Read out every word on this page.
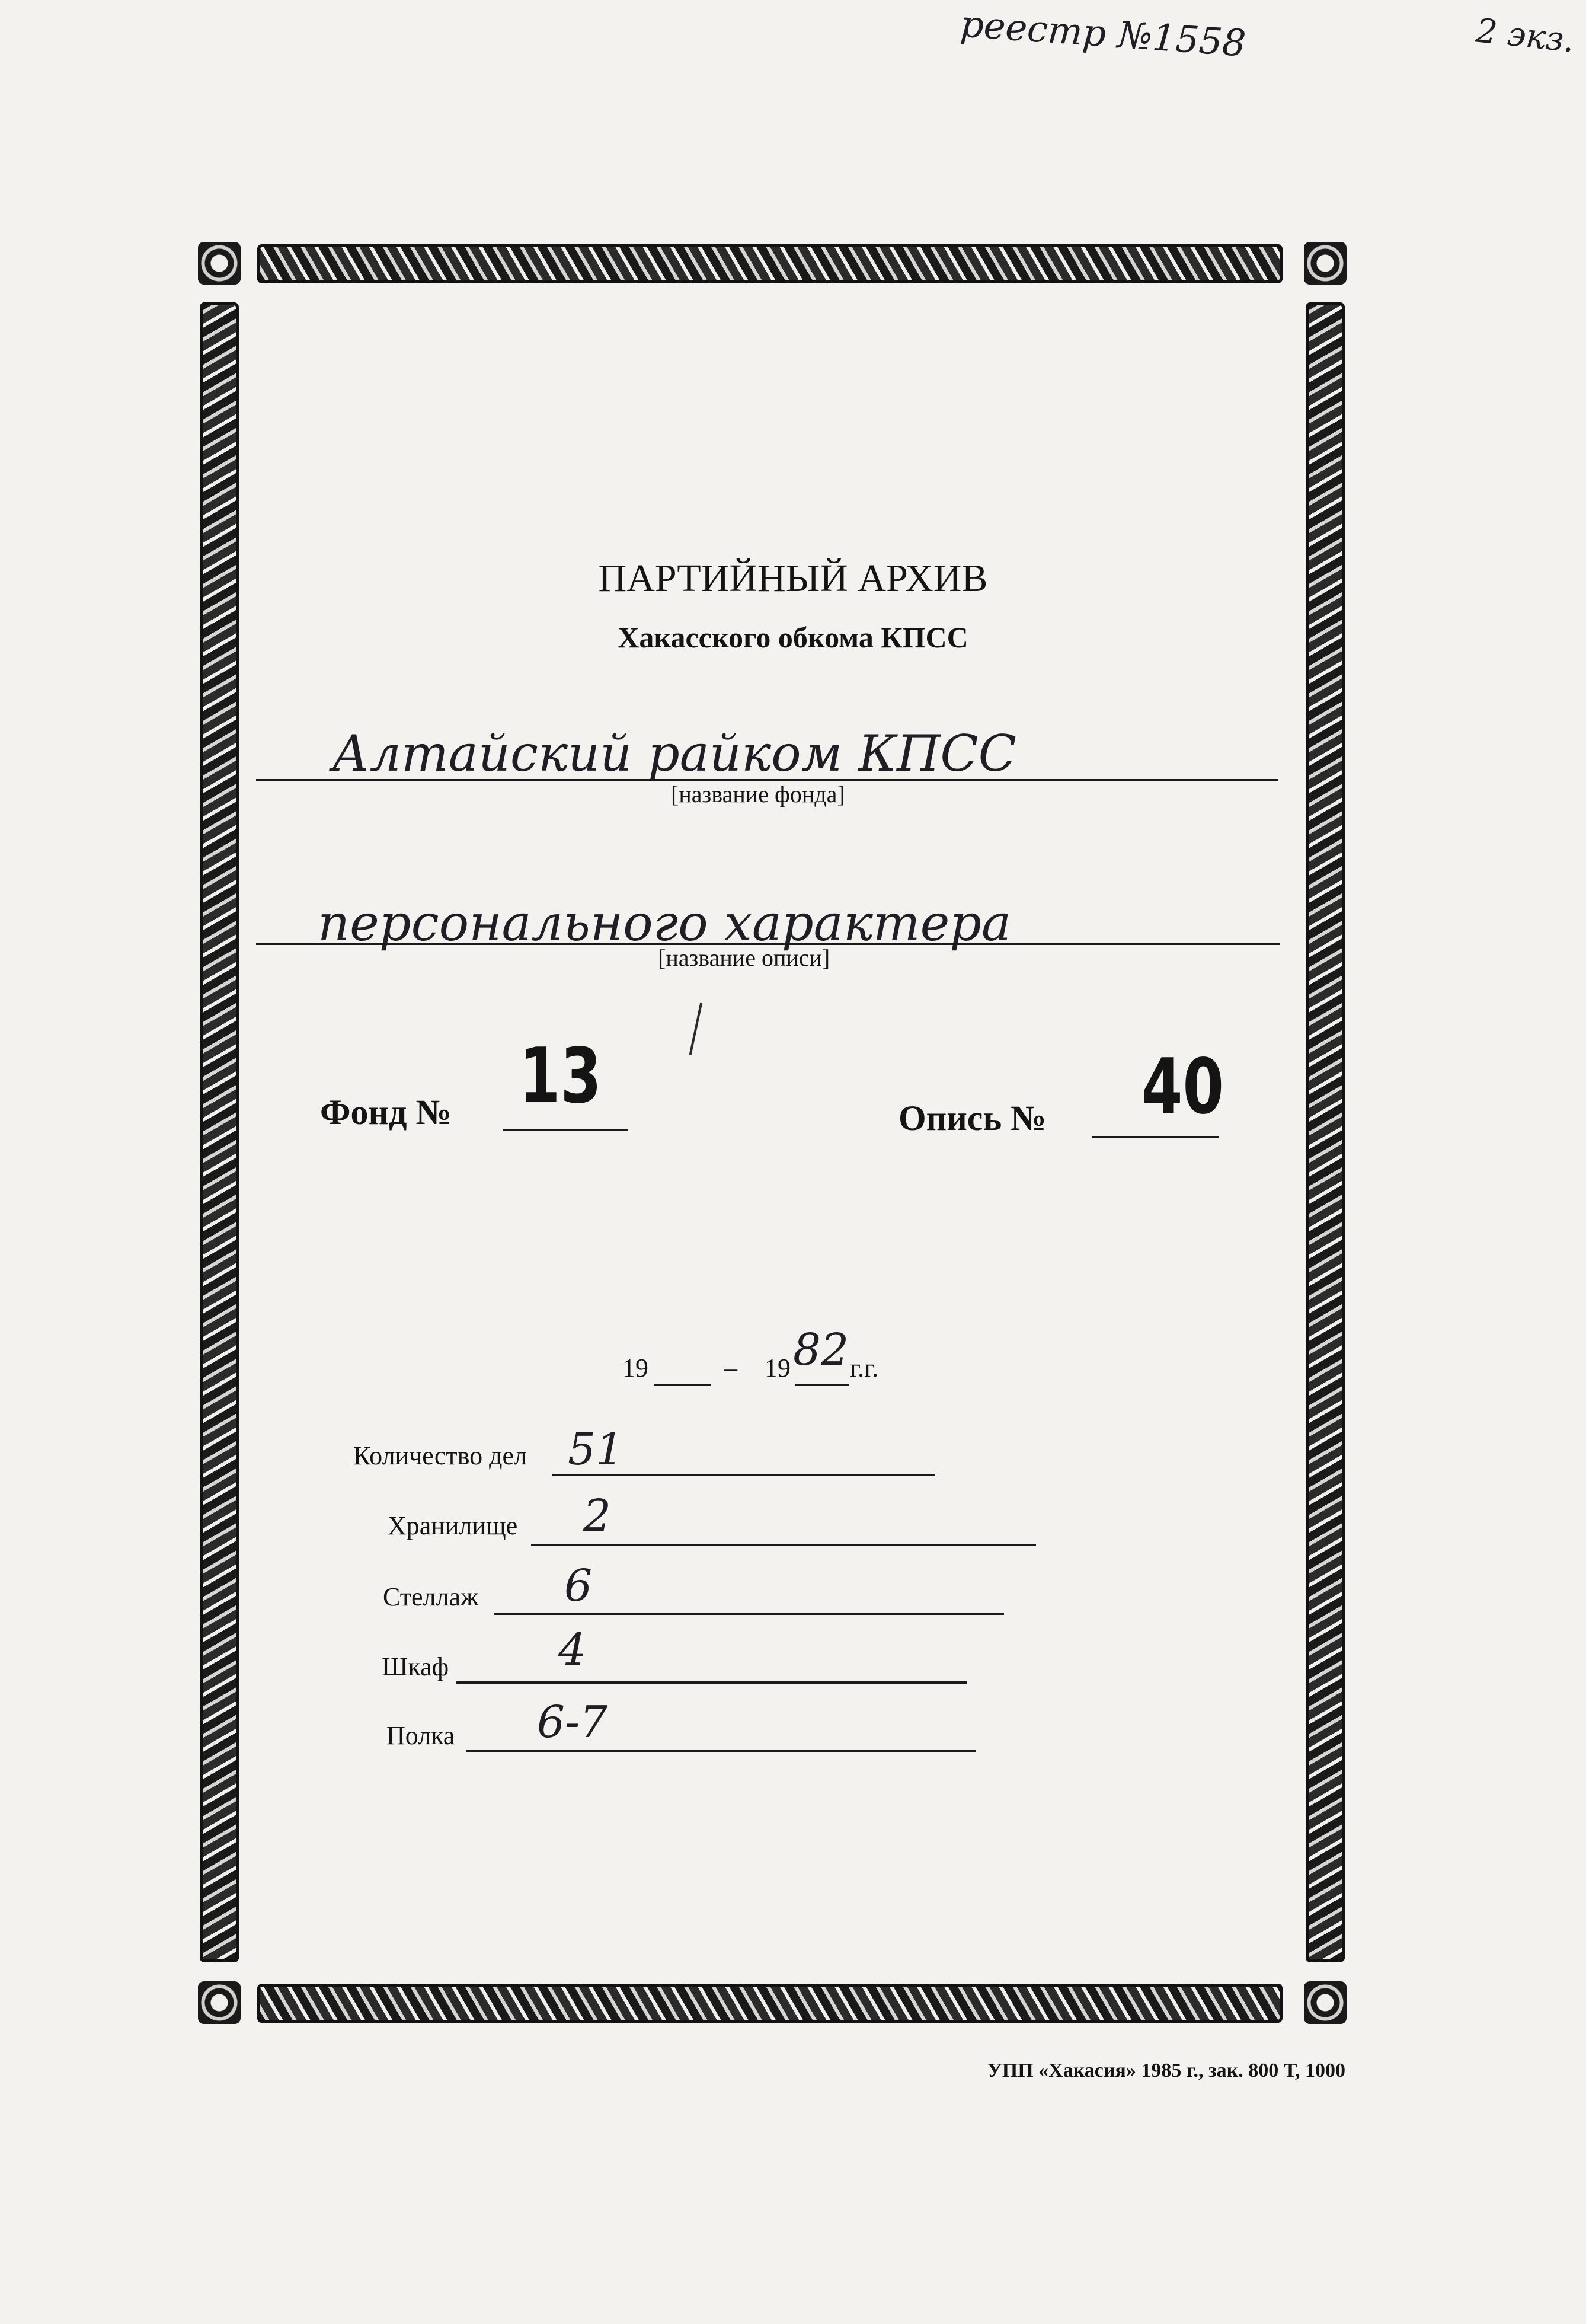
реестр №1558	2 экз.
ПАРТИЙНЫЙ АРХИВ
Хакасского обкома КПСС
Алтайский райком КПСС
[название фонда]
персонального характера
[название описи]
Фонд № 13	Опись № 40
19	– 19 82 г.г.
Количество дел 51
Хранилище 2
Стеллаж 6
Шкаф 4
Полка 6-7
УПП «Хакасия» 1985 г., зак. 800 Т, 1000
